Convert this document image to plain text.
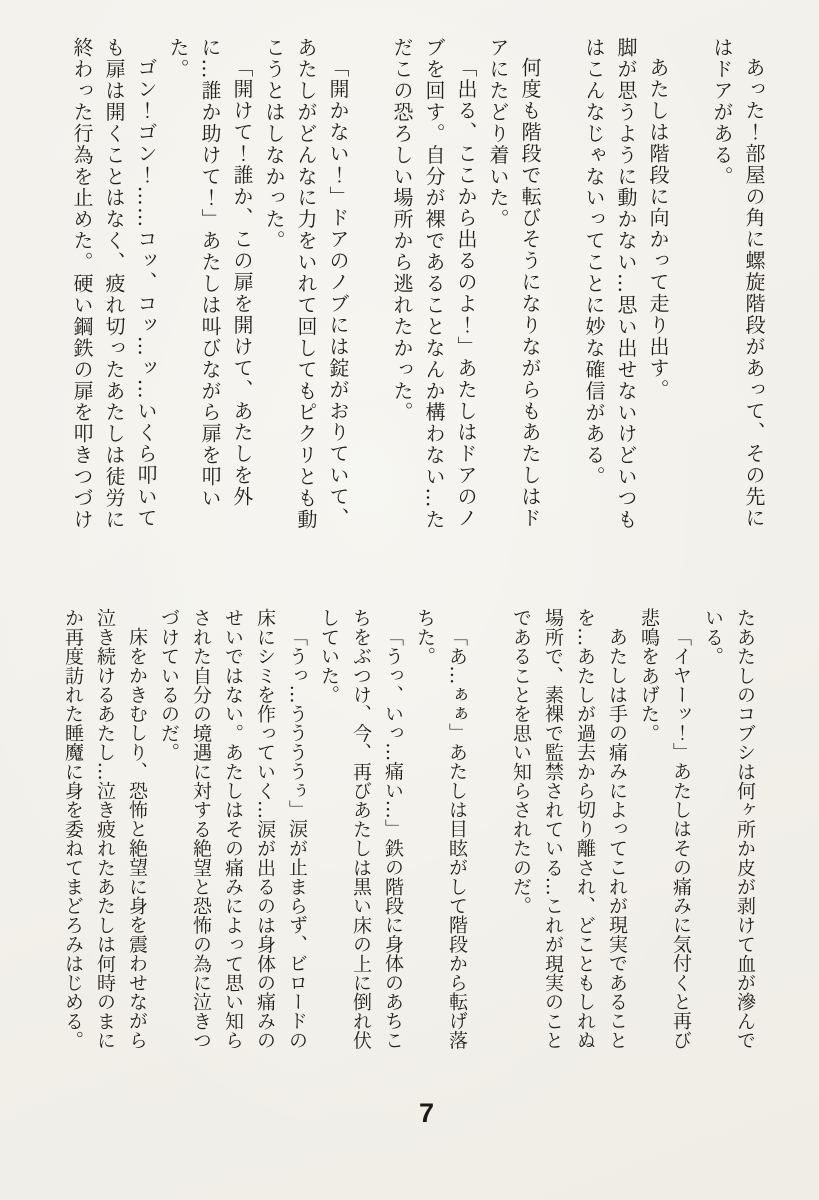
あった！部屋の角に螺旋階段があって、その先にはドアがある。

あたしは階段に向かって走り出す。

脚が思うように動かない…思い出せないけどいつもはこんなじゃないってことに妙な確信がある。

何度も階段で転びそうになりながらもあたしはドアにたどり着いた。

「出る、ここから出るのよ！」あたしはドアのノブを回す。自分が裸であることなんか構わない…ただこの恐ろしい場所から逃れたかった。

「開かない！」ドアのノブには錠がおりていて、あたしがどんなに力をいれて回してもピクリとも動こうとはしなかった。

「開けて！誰か、この扉を開けて、あたしを外に…誰か助けて！」あたしは叫びながら扉を叩いた。

ゴン！ゴン！……コッ、コッ…ッ…いくら叩いても扉は開くことはなく、疲れ切ったあたしは徒労に終わった行為を止めた。硬い鋼鉄の扉を叩きつづけ

たあたしのコブシは何ヶ所か皮が剥けて血が滲んでいる。

「イヤーッ！」あたしはその痛みに気付くと再び悲鳴をあげた。

あたしは手の痛みによってこれが現実であることを…あたしが過去から切り離され、どこともしれぬ場所で、素裸で監禁されている…これが現実のことであることを思い知らされたのだ。

「あ…ぁぁ」あたしは目眩がして階段から転げ落ちた。

「うっ、いっ…痛い…」鉄の階段に身体のあちこちをぶつけ、今、再びあたしは黒い床の上に倒れ伏していた。

「うっ…ううううぅ」涙が止まらず、ビロードの床にシミを作っていく…涙が出るのは身体の痛みのせいではない。あたしはその痛みによって思い知らされた自分の境遇に対する絶望と恐怖の為に泣きつづけているのだ。

床をかきむしり、恐怖と絶望に身を震わせながら泣き続けるあたし…泣き疲れたあたしは何時のまにか再度訪れた睡魔に身を委ねてまどろみはじめる。

7
